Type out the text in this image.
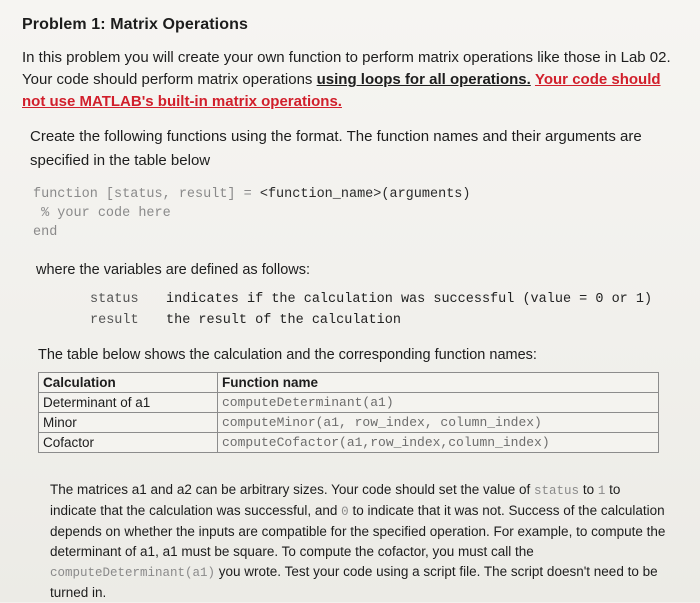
Problem 1: Matrix Operations
In this problem you will create your own function to perform matrix operations like those in Lab 02. Your code should perform matrix operations using loops for all operations. Your code should not use MATLAB's built-in matrix operations.
Create the following functions using the format. The function names and their arguments are specified in the table below
function [status, result] = <function_name>(arguments)
% your code here
end
where the variables are defined as follows:
status indicates if the calculation was successful (value = 0 or 1)
result the result of the calculation
The table below shows the calculation and the corresponding function names:
Calculation	Function name
Determinant of a1	computeDeterminant(a1)
Minor	computeMinor(a1, row_index, column_index)
Cofactor	computeCofactor(a1,row_index,column_index)
The matrices a1 and a2 can be arbitrary sizes. Your code should set the value of status to 1 to indicate that the calculation was successful, and 0 to indicate that it was not. Success of the calculation depends on whether the inputs are compatible for the specified operation. For example, to compute the determinant of a1, a1 must be square. To compute the cofactor, you must call the computeDeterminant(a1) you wrote. Test your code using a script file. The script doesn't need to be turned in.
